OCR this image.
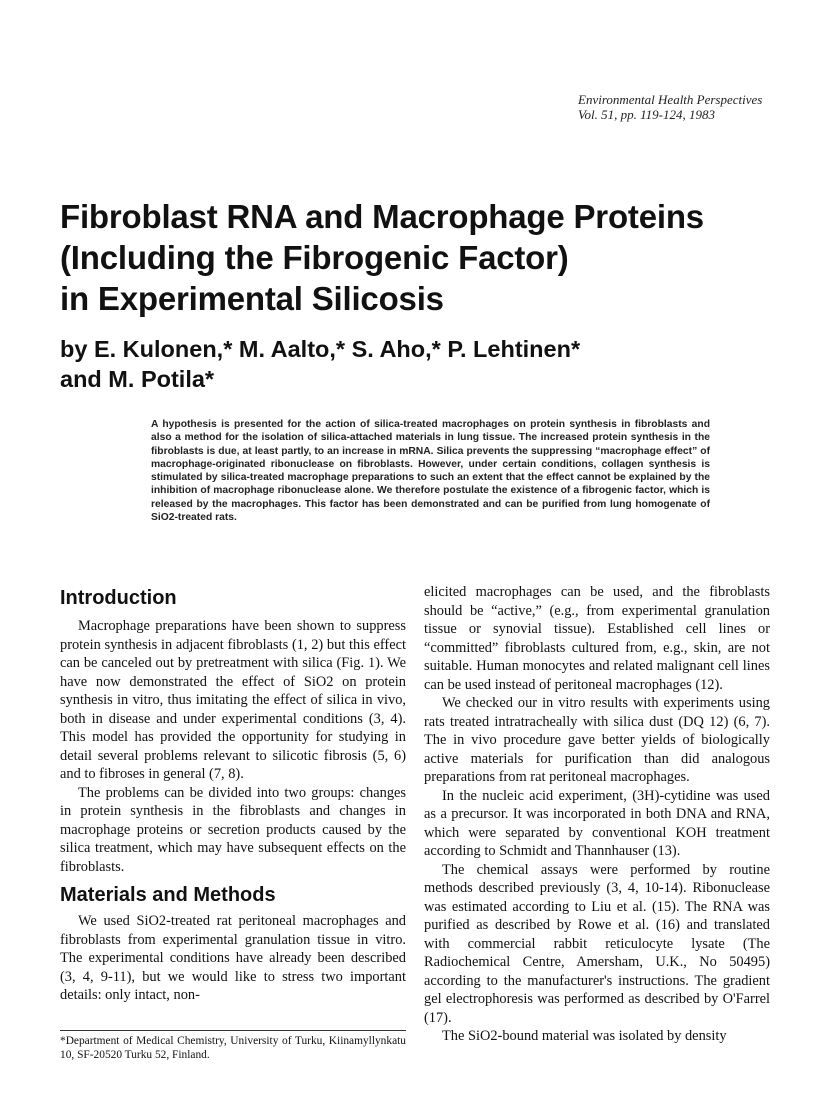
Environmental Health Perspectives
Vol. 51, pp. 119-124, 1983
Fibroblast RNA and Macrophage Proteins
(Including the Fibrogenic Factor)
in Experimental Silicosis
by E. Kulonen,* M. Aalto,* S. Aho,* P. Lehtinen*
and M. Potila*
A hypothesis is presented for the action of silica-treated macrophages on protein synthesis in fibroblasts and also a method for the isolation of silica-attached materials in lung tissue. The increased protein synthesis in the fibroblasts is due, at least partly, to an increase in mRNA. Silica prevents the suppressing “macrophage effect” of macrophage-originated ribonuclease on fibroblasts. However, under certain conditions, collagen synthesis is stimulated by silica-treated macrophage preparations to such an extent that the effect cannot be explained by the inhibition of macrophage ribonuclease alone. We therefore postulate the existence of a fibrogenic factor, which is released by the macrophages. This factor has been demonstrated and can be purified from lung homogenate of SiO2-treated rats.
Introduction

Macrophage preparations have been shown to suppress protein synthesis in adjacent fibroblasts (1, 2) but this effect can be canceled out by pretreatment with silica (Fig. 1). We have now demonstrated the effect of SiO2 on protein synthesis in vitro, thus imitating the effect of silica in vivo, both in disease and under experimental conditions (3, 4). This model has provided the opportunity for studying in detail several problems relevant to silicotic fibrosis (5, 6) and to fibroses in general (7, 8).

The problems can be divided into two groups: changes in protein synthesis in the fibroblasts and changes in macrophage proteins or secretion products caused by the silica treatment, which may have subsequent effects on the fibroblasts.

Materials and Methods

We used SiO2-treated rat peritoneal macrophages and fibroblasts from experimental granulation tissue in vitro. The experimental conditions have already been described (3, 4, 9-11), but we would like to stress two important details: only intact, non-

elicited macrophages can be used, and the fibroblasts should be “active,” (e.g., from experimental granulation tissue or synovial tissue). Established cell lines or “committed” fibroblasts cultured from, e.g., skin, are not suitable. Human monocytes and related malignant cell lines can be used instead of peritoneal macrophages (12).

We checked our in vitro results with experiments using rats treated intratracheally with silica dust (DQ 12) (6, 7). The in vivo procedure gave better yields of biologically active materials for purification than did analogous preparations from rat peritoneal macrophages.

In the nucleic acid experiment, (3H)-cytidine was used as a precursor. It was incorporated in both DNA and RNA, which were separated by conventional KOH treatment according to Schmidt and Thannhauser (13).

The chemical assays were performed by routine methods described previously (3, 4, 10-14). Ribonuclease was estimated according to Liu et al. (15). The RNA was purified as described by Rowe et al. (16) and translated with commercial rabbit reticulocyte lysate (The Radiochemical Centre, Amersham, U.K., No 50495) according to the manufacturer's instructions. The gradient gel electrophoresis was performed as described by O'Farrel (17).

The SiO2-bound material was isolated by density

*Department of Medical Chemistry, University of Turku, Kiinamyllynkatu 10, SF-20520 Turku 52, Finland.
